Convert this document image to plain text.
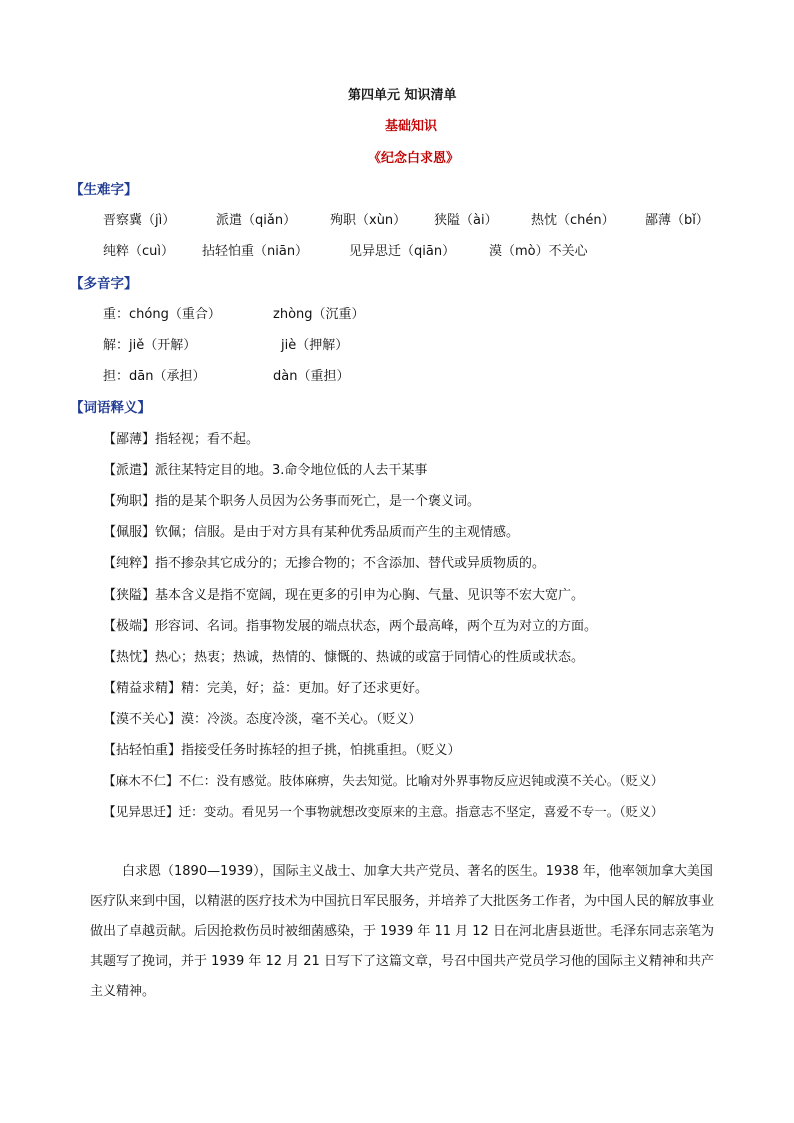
第四单元 知识清单
基础知识
《纪念白求恩》
【生难字】
晋察冀（jì）	派遣（qiǎn）	殉职（xùn） 狭隘（ài）	热忱（chén） 鄙薄（bǐ）
纯粹（cuì） 拈轻怕重（niān）	见异思迁（qiān）	漠（mò）不关心
【多音字】
重：chóng（重合）	zhòng（沉重）
解：jiě（开解）	jiè（押解）
担：dān（承担）	dàn（重担）
【词语释义】
【鄙薄】指轻视；看不起。
【派遣】派往某特定目的地。3.命令地位低的人去干某事
【殉职】指的是某个职务人员因为公务事而死亡，是一个褒义词。
【佩服】钦佩；信服。是由于对方具有某种优秀品质而产生的主观情感。
【纯粹】指不掺杂其它成分的；无掺合物的；不含添加、替代或异质物质的。
【狭隘】基本含义是指不宽阔，现在更多的引申为心胸、气量、见识等不宏大宽广。
【极端】形容词、名词。指事物发展的端点状态，两个最高峰，两个互为对立的方面。
【热忱】热心；热衷；热诚，热情的、慷慨的、热诚的或富于同情心的性质或状态。
【精益求精】精：完美，好；益：更加。好了还求更好。
【漠不关心】漠：冷淡。态度冷淡，毫不关心。（贬义）
【拈轻怕重】指接受任务时拣轻的担子挑，怕挑重担。（贬义）
【麻木不仁】不仁：没有感觉。肢体麻痹，失去知觉。比喻对外界事物反应迟钝或漠不关心。（贬义）
【见异思迁】迁：变动。看见另一个事物就想改变原来的主意。指意志不坚定，喜爱不专一。（贬义）
白求恩（1890—1939），国际主义战士、加拿大共产党员、著名的医生。1938 年，他率领加拿大美国医疗队来到中国，以精湛的医疗技术为中国抗日军民服务，并培养了大批医务工作者，为中国人民的解放事业做出了卓越贡献。后因抢救伤员时被细菌感染，于 1939 年 11 月 12 日在河北唐县逝世。毛泽东同志亲笔为其题写了挽词，并于 1939 年 12 月 21 日写下了这篇文章，号召中国共产党员学习他的国际主义精神和共产主义精神。
